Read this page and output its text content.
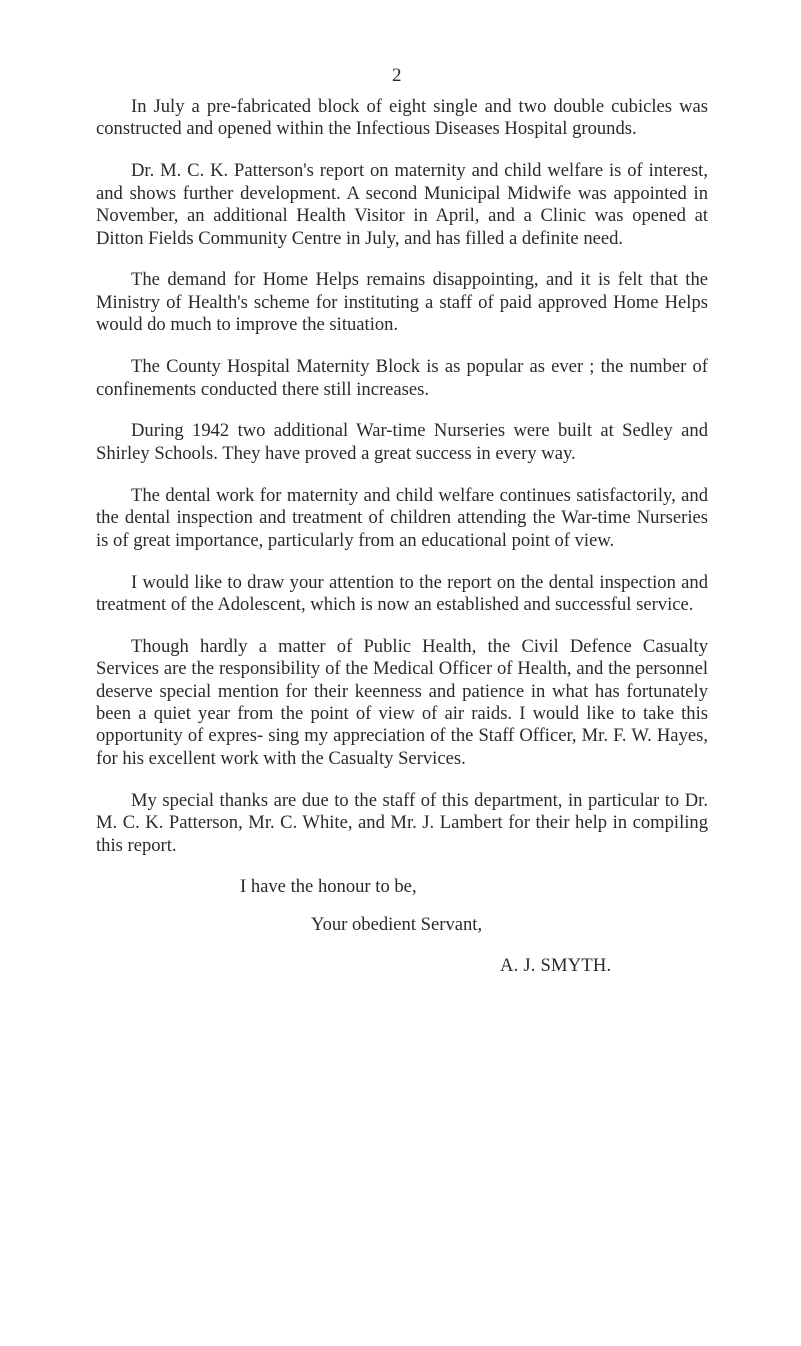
2

In July a pre-fabricated block of eight single and two double cubicles was constructed and opened within the Infectious Diseases Hospital grounds.

Dr. M. C. K. Patterson's report on maternity and child welfare is of interest, and shows further development. A second Municipal Midwife was appointed in November, an additional Health Visitor in April, and a Clinic was opened at Ditton Fields Community Centre in July, and has filled a definite need.

The demand for Home Helps remains disappointing, and it is felt that the Ministry of Health's scheme for instituting a staff of paid approved Home Helps would do much to improve the situation.

The County Hospital Maternity Block is as popular as ever ; the number of confinements conducted there still increases.

During 1942 two additional War-time Nurseries were built at Sedley and Shirley Schools. They have proved a great success in every way.

The dental work for maternity and child welfare continues satisfactorily, and the dental inspection and treatment of children attending the War-time Nurseries is of great importance, particularly from an educational point of view.

I would like to draw your attention to the report on the dental inspection and treatment of the Adolescent, which is now an established and successful service.

Though hardly a matter of Public Health, the Civil Defence Casualty Services are the responsibility of the Medical Officer of Health, and the personnel deserve special mention for their keenness and patience in what has fortunately been a quiet year from the point of view of air raids. I would like to take this opportunity of expres- sing my appreciation of the Staff Officer, Mr. F. W. Hayes, for his excellent work with the Casualty Services.

My special thanks are due to the staff of this department, in particular to Dr. M. C. K. Patterson, Mr. C. White, and Mr. J. Lambert for their help in compiling this report.

I have the honour to be,

Your obedient Servant,

A. J. SMYTH.
